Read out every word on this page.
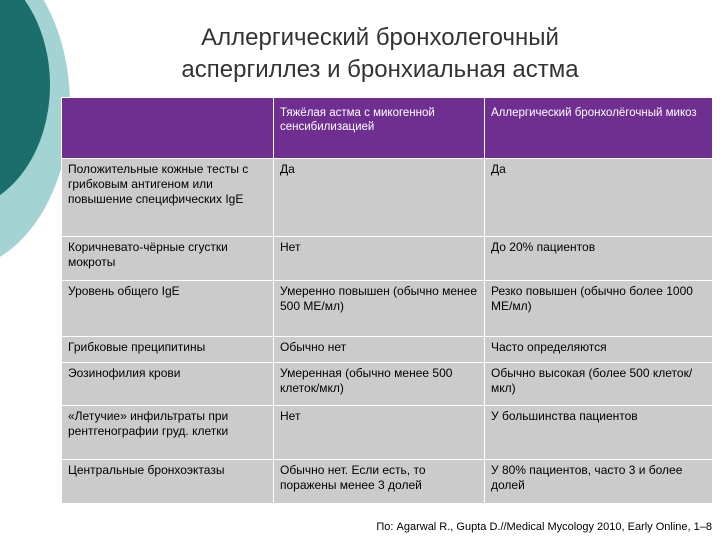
Аллергический бронхолегочный
аспергиллез и бронхиальная астма
	Тяжёлая астма с микогенной сенсибилизацией	Аллергический бронхолёгочный микоз
Положительные кожные тесты с грибковым антигеном или повышение специфических IgE	Да	Да
Коричневато-чёрные сгустки мокроты	Нет	До 20% пациентов
Уровень общего IgE	Умеренно повышен (обычно менее 500 МЕ/мл)	Резко повышен (обычно более 1000 МЕ/мл)
Грибковые преципитины	Обычно нет	Часто определяются
Эозинофилия крови	Умеренная (обычно менее 500 клеток/мкл)	Обычно высокая (более 500 клеток/мкл)
«Летучие» инфильтраты при рентгенографии груд. клетки	Нет	У большинства пациентов
Центральные бронхоэктазы	Обычно нет. Если есть, то поражены менее 3 долей	У 80% пациентов, часто 3 и более долей
По: Agarwal R., Gupta D.//Medical Mycology 2010, Early Online, 1–8
